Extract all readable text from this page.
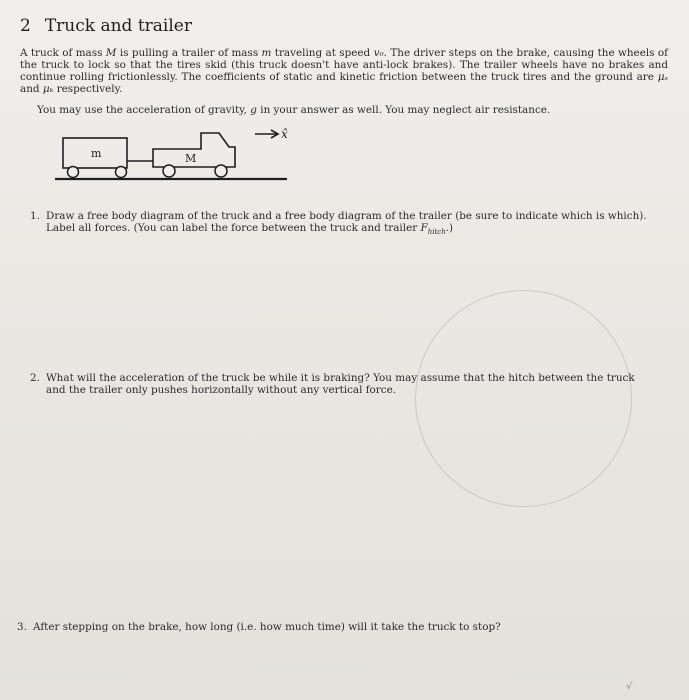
2 Truck and trailer
A truck of mass M is pulling a trailer of mass m traveling at speed v₀. The driver steps on the brake, causing the wheels of the truck to lock so that the tires skid (this truck doesn't have anti-lock brakes). The trailer wheels have no brakes and continue rolling frictionlessly. The coefficients of static and kinetic friction between the truck tires and the ground are μₛ and μₖ respectively.
You may use the acceleration of gravity, g in your answer as well. You may neglect air resistance.
x̂
m	M
1. Draw a free body diagram of the truck and a free body diagram of the trailer (be sure to indicate which is which).
Label all forces. (You can label the force between the truck and trailer $F_{hitch}$.)
2. What will the acceleration of the truck be while it is braking? You may assume that the hitch between the truck
and the trailer only pushes horizontally without any vertical force.
3. After stepping on the brake, how long (i.e. how much time) will it take the truck to stop?
√
